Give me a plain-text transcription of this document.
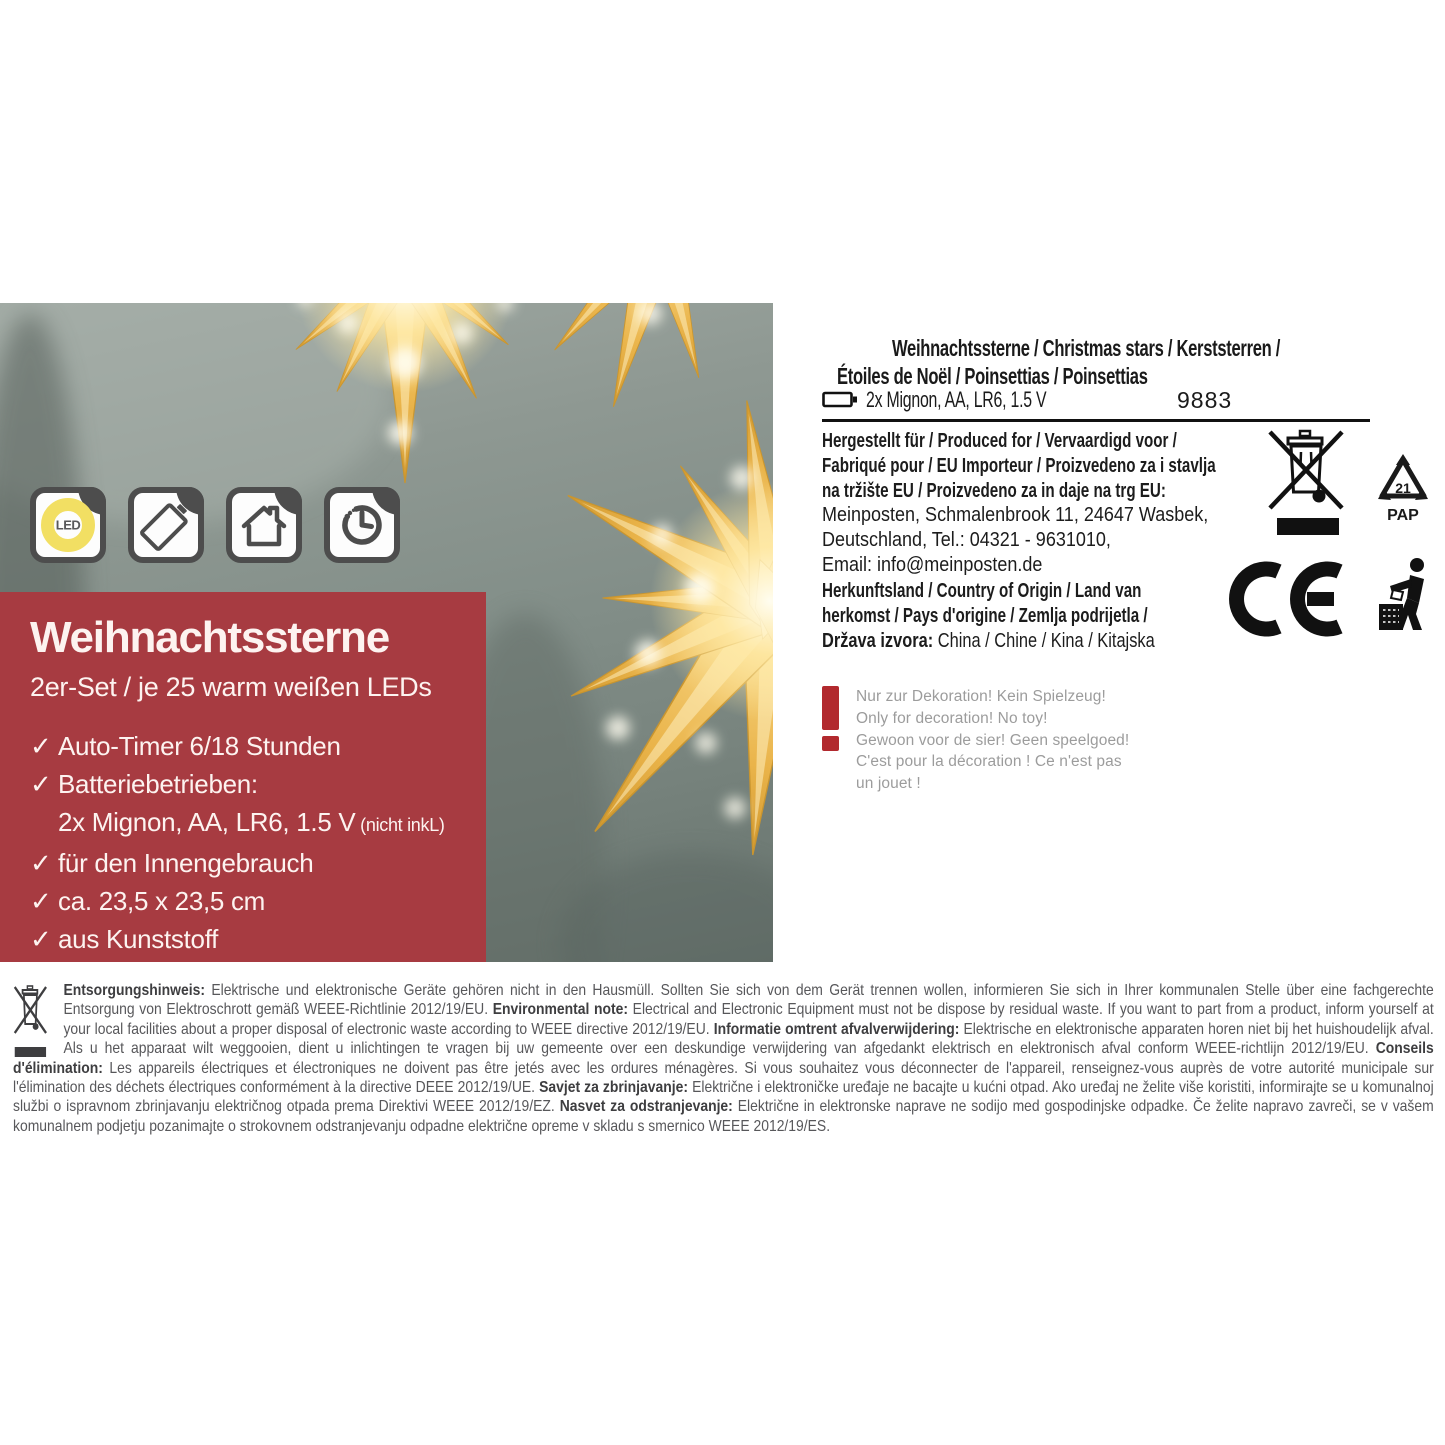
LED
Weihnachtssterne
2er-Set / je 25 warm weißen LEDs
✓ Auto-Timer 6/18 Stunden
✓ Batteriebetrieben:
2x Mignon, AA, LR6, 1.5 V (nicht inkL)
✓ für den Innengebrauch
✓ ca. 23,5 x 23,5 cm
✓ aus Kunststoff
Weihnachtssterne / Christmas stars / Kerststerren /
Étoiles de Noël / Poinsettias / Poinsettias
2x Mignon, AA, LR6, 1.5 V	9883
Hergestellt für / Produced for / Vervaardigd voor /
Fabriqué pour / EU Importeur / Proizvedeno za i stavlja
na tržište EU / Proizvedeno za in daje na trg EU:
Meinposten, Schmalenbrook 11, 24647 Wasbek,
Deutschland, Tel.: 04321 - 9631010,
Email: info@meinposten.de
Herkunftsland / Country of Origin / Land van
herkomst / Pays d'origine / Zemlja podrijetla /
Država izvora: China / Chine / Kina / Kitajska
21
PAP
Nur zur Dekoration! Kein Spielzeug!
Only for decoration! No toy!
Gewoon voor de sier! Geen speelgoed!
C'est pour la décoration ! Ce n'est pas
un jouet !
Entsorgungshinweis: Elektrische und elektronische Geräte gehören nicht in den Hausmüll. Sollten Sie sich von dem Gerät trennen wollen, informieren Sie sich in Ihrer kommunalen Stelle über eine fachgerechte Entsorgung von Elektroschrott gemäß WEEE-Richtlinie 2012/19/EU. Environmental note: Electrical and Electronic Equipment must not be dispose by residual waste. If you want to part from a product, inform yourself at your local facilities about a proper disposal of electronic waste according to WEEE directive 2012/19/EU. Informatie omtrent afvalverwijdering: Elektrische en elektronische apparaten horen niet bij het huishoudelijk afval. Als u het apparaat wilt weggooien, dient u inlichtingen te vragen bij uw gemeente over een deskundige verwijdering van afgedankt elektrisch en elektronisch afval conform WEEE-richtlijn 2012/19/EU. Conseils d'élimination: Les appareils électriques et électroniques ne doivent pas être jetés avec les ordures ménagères. Si vous souhaitez vous déconnecter de l'appareil, renseignez-vous auprès de votre autorité municipale sur l'élimination des déchets électriques conformément à la directive DEEE 2012/19/UE. Savjet za zbrinjavanje: Električne i elektroničke uređaje ne bacajte u kućni otpad. Ako uređaj ne želite više koristiti, informirajte se u komunalnoj službi o ispravnom zbrinjavanju električnog otpada prema Direktivi WEEE 2012/19/EZ. Nasvet za odstranjevanje: Električne in elektronske naprave ne sodijo med gospodinjske odpadke. Če želite napravo zavreči, se v vašem komunalnem podjetju pozanimajte o strokovnem odstranjevanju odpadne električne opreme v skladu s smernico WEEE 2012/19/ES.
